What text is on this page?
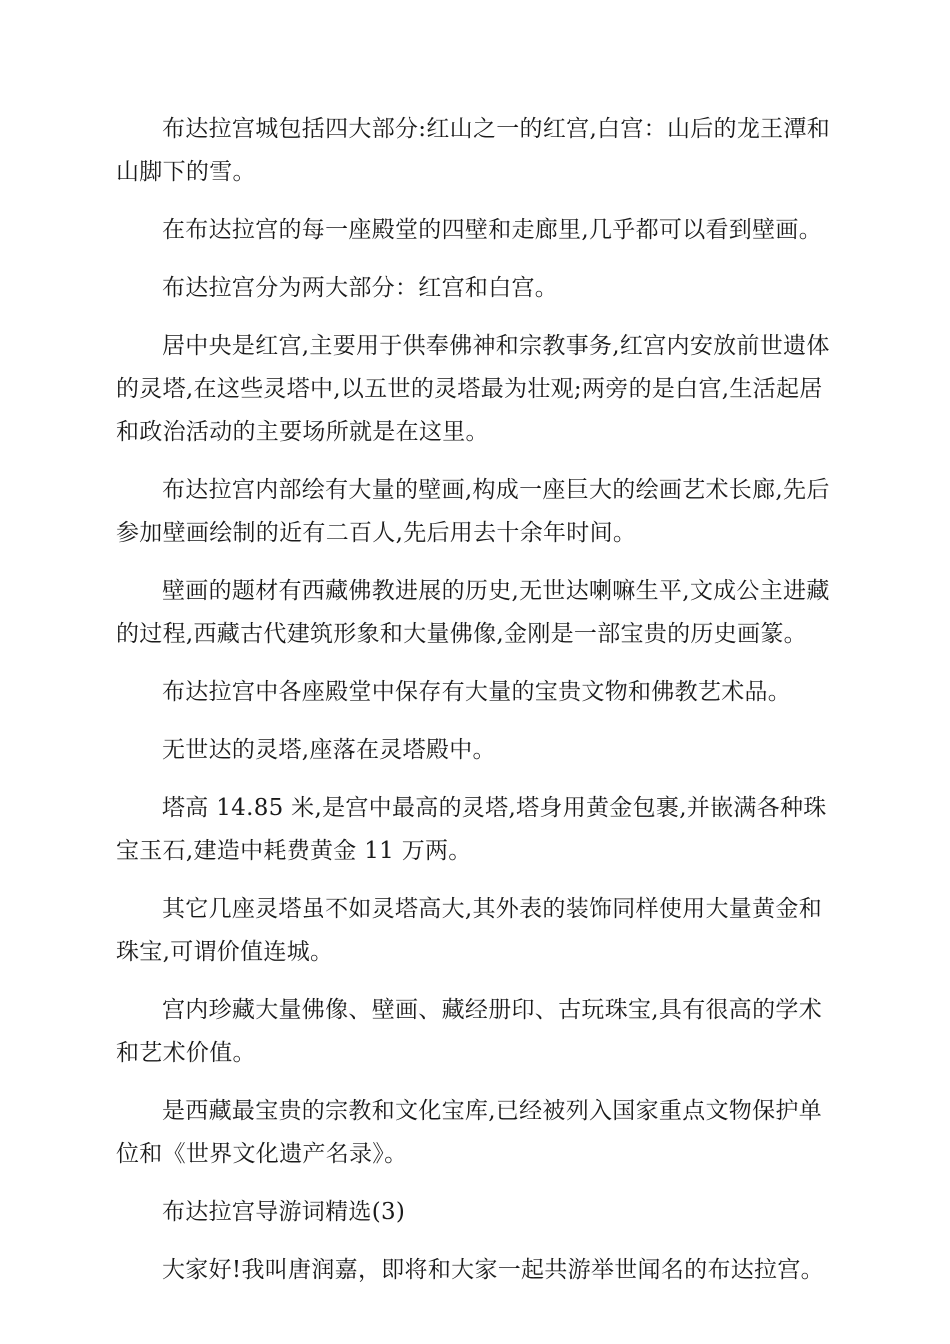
布达拉宫城包括四大部分:红山之一的红宫,白宫：山后的龙王潭和山脚下的雪。

在布达拉宫的每一座殿堂的四壁和走廊里,几乎都可以看到壁画。

布达拉宫分为两大部分：红宫和白宫。

居中央是红宫,主要用于供奉佛神和宗教事务,红宫内安放前世遗体的灵塔,在这些灵塔中,以五世的灵塔最为壮观;两旁的是白宫,生活起居和政治活动的主要场所就是在这里。

布达拉宫内部绘有大量的壁画,构成一座巨大的绘画艺术长廊,先后参加壁画绘制的近有二百人,先后用去十余年时间。

壁画的题材有西藏佛教进展的历史,无世达喇嘛生平,文成公主进藏的过程,西藏古代建筑形象和大量佛像,金刚是一部宝贵的历史画篆。

布达拉宫中各座殿堂中保存有大量的宝贵文物和佛教艺术品。

无世达的灵塔,座落在灵塔殿中。

塔高 14.85 米,是宫中最高的灵塔,塔身用黄金包裹,并嵌满各种珠宝玉石,建造中耗费黄金 11 万两。

其它几座灵塔虽不如灵塔高大,其外表的装饰同样使用大量黄金和珠宝,可谓价值连城。

宫内珍藏大量佛像、壁画、藏经册印、古玩珠宝,具有很高的学术和艺术价值。

是西藏最宝贵的宗教和文化宝库,已经被列入国家重点文物保护单位和《世界文化遗产名录》。

布达拉宫导游词精选(3)

大家好!我叫唐润嘉，即将和大家一起共游举世闻名的布达拉宫。
